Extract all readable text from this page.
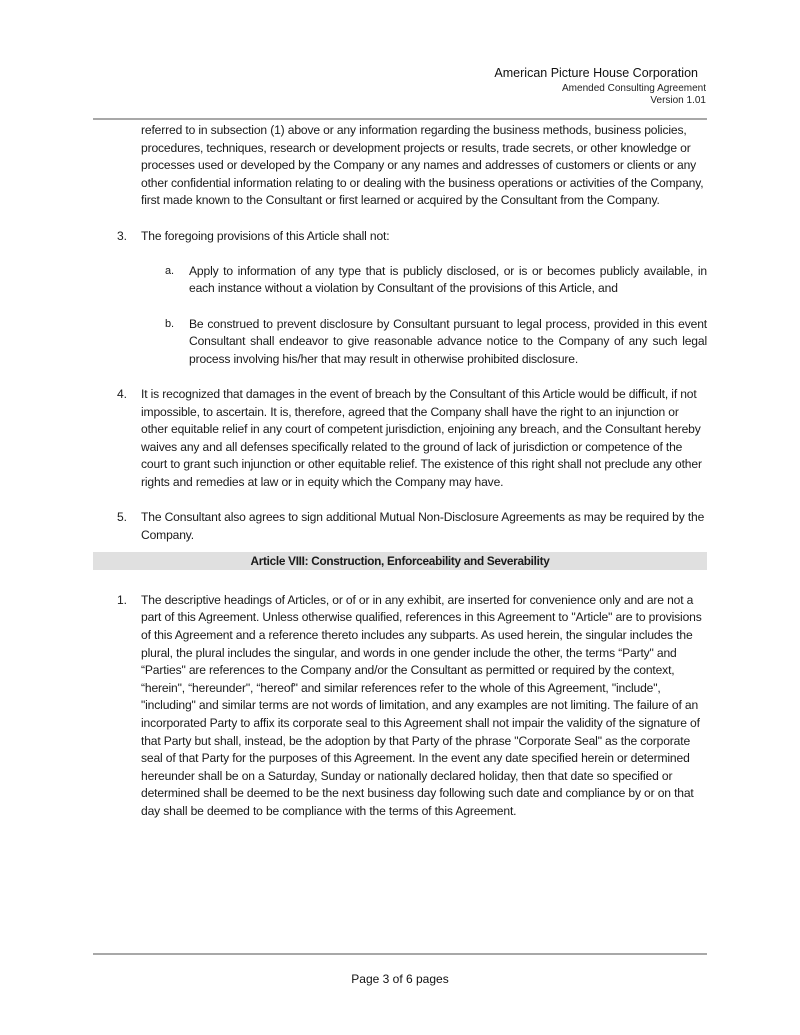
American Picture House Corporation
Amended Consulting Agreement
Version 1.01

referred to in subsection (1) above or any information regarding the business methods, business policies, procedures, techniques, research or development projects or results, trade secrets, or other knowledge or processes used or developed by the Company or any names and addresses of customers or clients or any other confidential information relating to or dealing with the business operations or activities of the Company, first made known to the Consultant or first learned or acquired by the Consultant from the Company.

3. The foregoing provisions of this Article shall not:
a. Apply to information of any type that is publicly disclosed, or is or becomes publicly available, in each instance without a violation by Consultant of the provisions of this Article, and
b. Be construed to prevent disclosure by Consultant pursuant to legal process, provided in this event Consultant shall endeavor to give reasonable advance notice to the Company of any such legal process involving his/her that may result in otherwise prohibited disclosure.
4. It is recognized that damages in the event of breach by the Consultant of this Article would be difficult, if not impossible, to ascertain. It is, therefore, agreed that the Company shall have the right to an injunction or other equitable relief in any court of competent jurisdiction, enjoining any breach, and the Consultant hereby waives any and all defenses specifically related to the ground of lack of jurisdiction or competence of the court to grant such injunction or other equitable relief. The existence of this right shall not preclude any other rights and remedies at law or in equity which the Company may have.
5. The Consultant also agrees to sign additional Mutual Non-Disclosure Agreements as may be required by the Company.
Article VIII: Construction, Enforceability and Severability
1. The descriptive headings of Articles, or of or in any exhibit, are inserted for convenience only and are not a part of this Agreement. Unless otherwise qualified, references in this Agreement to "Article" are to provisions of this Agreement and a reference thereto includes any subparts. As used herein, the singular includes the plural, the plural includes the singular, and words in one gender include the other, the terms “Party" and “Parties" are references to the Company and/or the Consultant as permitted or required by the context, “herein", “hereunder", “hereof" and similar references refer to the whole of this Agreement, "include", "including" and similar terms are not words of limitation, and any examples are not limiting. The failure of an incorporated Party to affix its corporate seal to this Agreement shall not impair the validity of the signature of that Party but shall, instead, be the adoption by that Party of the phrase "Corporate Seal" as the corporate seal of that Party for the purposes of this Agreement. In the event any date specified herein or determined hereunder shall be on a Saturday, Sunday or nationally declared holiday, then that date so specified or determined shall be deemed to be the next business day following such date and compliance by or on that day shall be deemed to be compliance with the terms of this Agreement.
Page 3 of 6 pages
